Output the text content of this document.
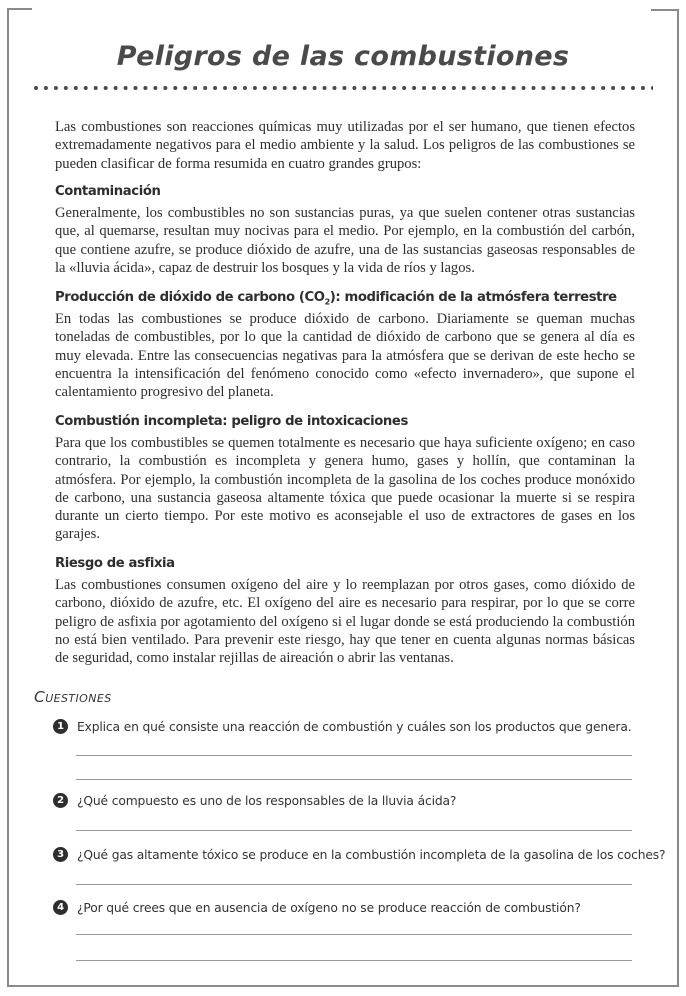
Peligros de las combustiones

Las combustiones son reacciones químicas muy utilizadas por el ser humano, que tienen efectos extremadamente negativos para el medio ambiente y la salud. Los peligros de las combustiones se pueden clasificar de forma resumida en cuatro grandes grupos:

Contaminación

Generalmente, los combustibles no son sustancias puras, ya que suelen contener otras sustancias que, al quemarse, resultan muy nocivas para el medio. Por ejemplo, en la combustión del carbón, que contiene azufre, se produce dióxido de azufre, una de las sustancias gaseosas responsables de la «lluvia ácida», capaz de destruir los bosques y la vida de ríos y lagos.

Producción de dióxido de carbono $(CO_2)$: modificación de la atmósfera terrestre

En todas las combustiones se produce dióxido de carbono. Diariamente se queman muchas toneladas de combustibles, por lo que la cantidad de dióxido de carbono que se genera al día es muy elevada. Entre las consecuencias negativas para la atmósfera que se derivan de este hecho se encuentra la intensificación del fenómeno conocido como «efecto invernadero», que supone el calentamiento progresivo del planeta.

Combustión incompleta: peligro de intoxicaciones

Para que los combustibles se quemen totalmente es necesario que haya suficiente oxígeno; en caso contrario, la combustión es incompleta y genera humo, gases y hollín, que contaminan la atmósfera. Por ejemplo, la combustión incompleta de la gasolina de los coches produce monóxido de carbono, una sustancia gaseosa altamente tóxica que puede ocasionar la muerte si se respira durante un cierto tiempo. Por este motivo es aconsejable el uso de extractores de gases en los garajes.

Riesgo de asfixia

Las combustiones consumen oxígeno del aire y lo reemplazan por otros gases, como dióxido de carbono, dióxido de azufre, etc. El oxígeno del aire es necesario para respirar, por lo que se corre peligro de asfixia por agotamiento del oxígeno si el lugar donde se está produciendo la combustión no está bien ventilado. Para prevenir este riesgo, hay que tener en cuenta algunas normas básicas de seguridad, como instalar rejillas de aireación o abrir las ventanas.

CUESTIONES
1	Explica en qué consiste una reacción de combustión y cuáles son los productos que genera.
2	¿Qué compuesto es uno de los responsables de la lluvia ácida?
3	¿Qué gas altamente tóxico se produce en la combustión incompleta de la gasolina de los coches?
4	¿Por qué crees que en ausencia de oxígeno no se produce reacción de combustión?
